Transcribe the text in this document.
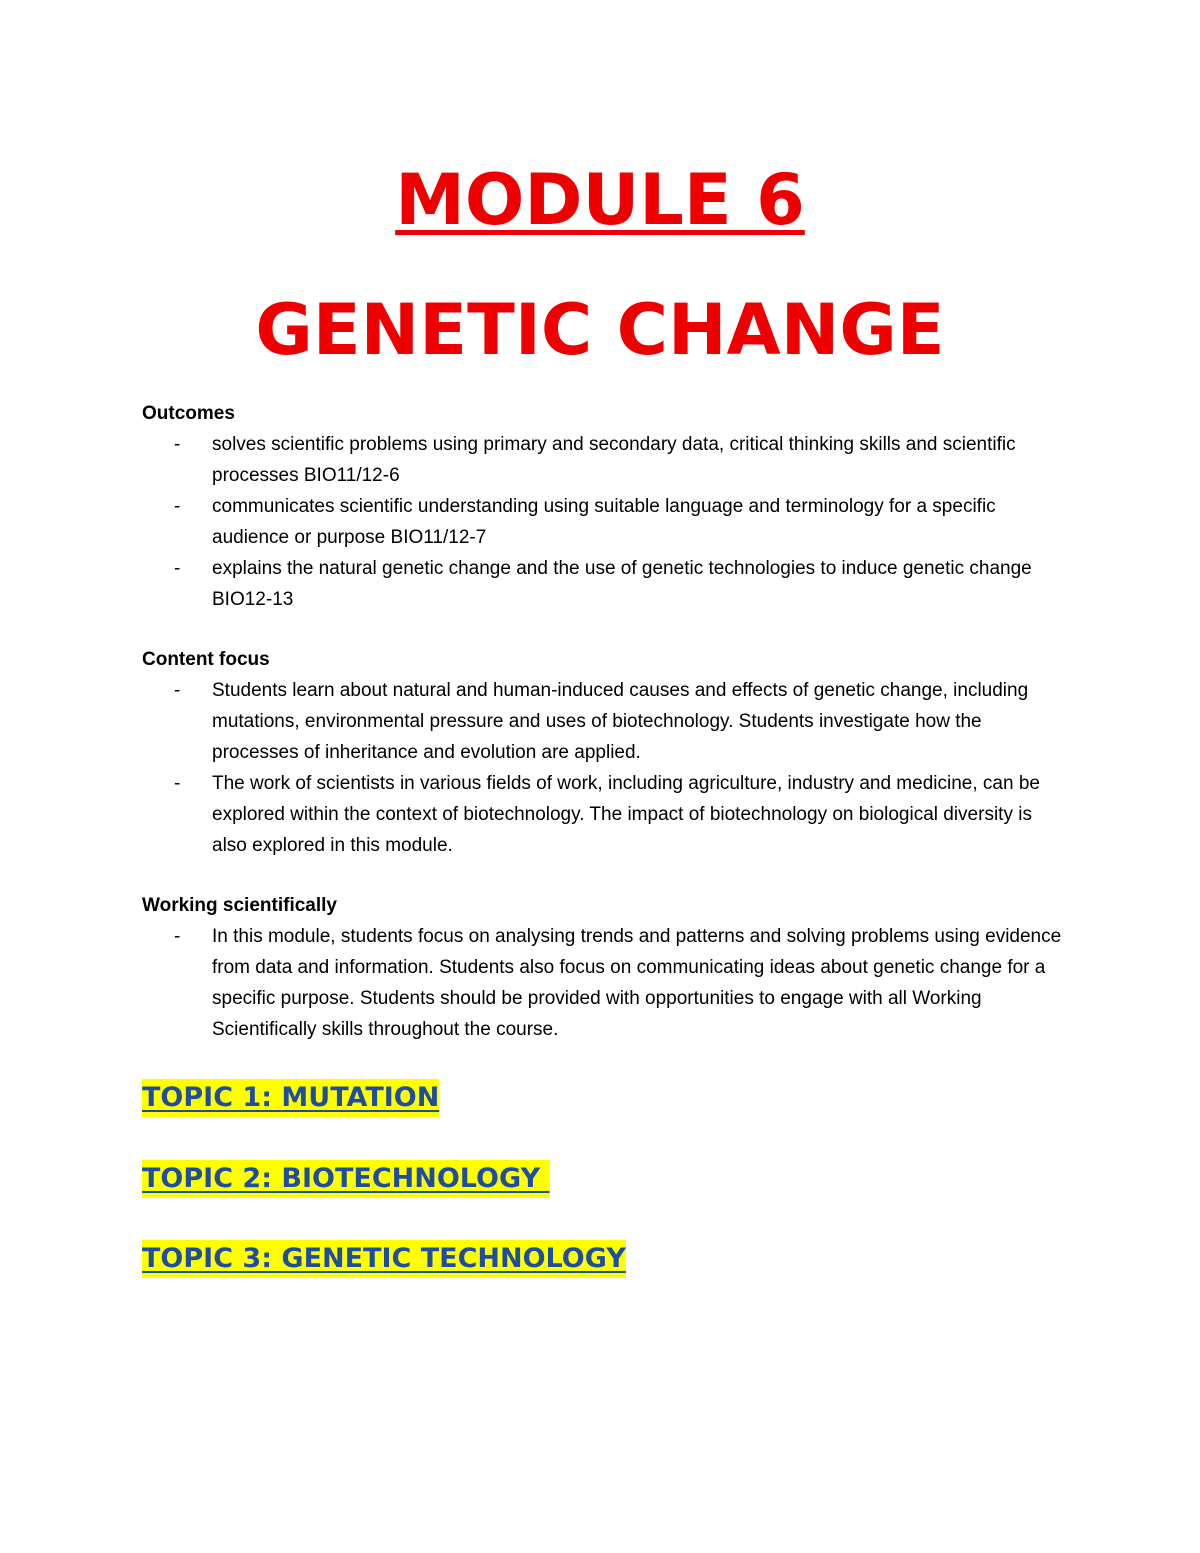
MODULE 6
GENETIC CHANGE

Outcomes

- solves scientific problems using primary and secondary data, critical thinking skills and scientific processes BIO11/12-6

- communicates scientific understanding using suitable language and terminology for a specific audience or purpose BIO11/12-7

- explains the natural genetic change and the use of genetic technologies to induce genetic change BIO12-13

Content focus

- Students learn about natural and human-induced causes and effects of genetic change, including mutations, environmental pressure and uses of biotechnology. Students investigate how the processes of inheritance and evolution are applied.

- The work of scientists in various fields of work, including agriculture, industry and medicine, can be explored within the context of biotechnology. The impact of biotechnology on biological diversity is also explored in this module.

Working scientifically

- In this module, students focus on analysing trends and patterns and solving problems using evidence from data and information. Students also focus on communicating ideas about genetic change for a specific purpose. Students should be provided with opportunities to engage with all Working Scientifically skills throughout the course.

TOPIC 1: MUTATION
TOPIC 2: BIOTECHNOLOGY
TOPIC 3: GENETIC TECHNOLOGY
